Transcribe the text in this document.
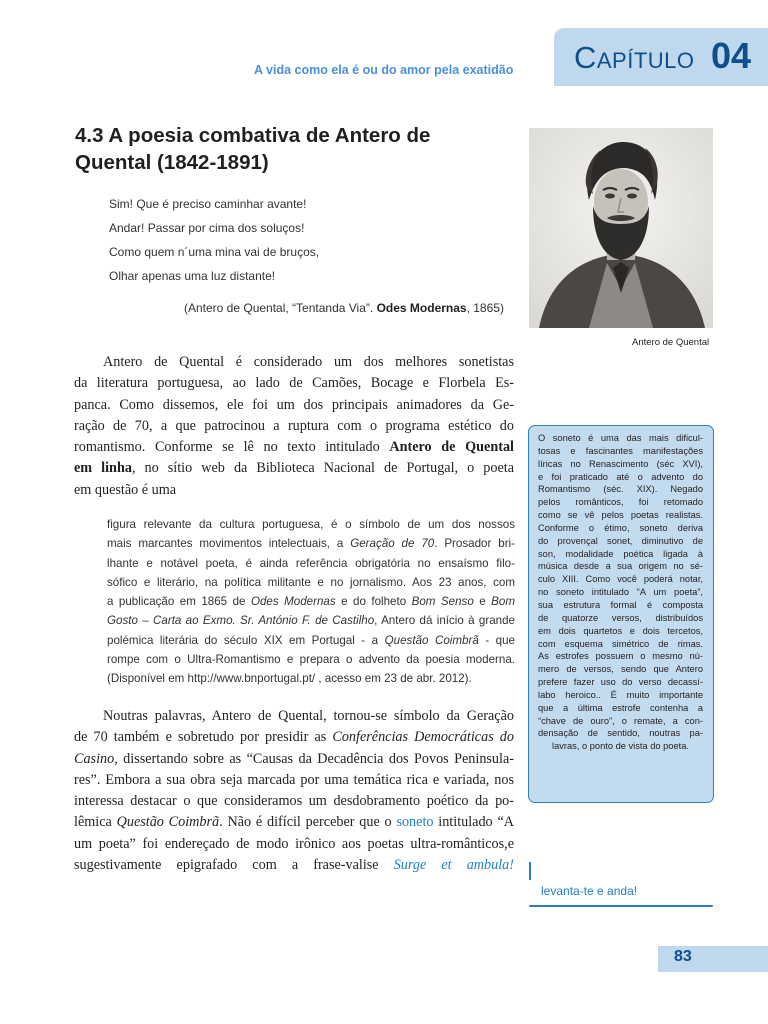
A vida como ela é ou do amor pela exatidão	Capítulo 04
4.3 A poesia combativa de Antero de
Quental (1842-1891)
Sim! Que é preciso caminhar avante!
Andar! Passar por cima dos soluços!
Como quem n´uma mina vai de bruços,
Olhar apenas uma luz distante!
(Antero de Quental, “Tentanda Via”. Odes Modernas, 1865)
Antero de Quental
Antero de Quental é considerado um dos melhores sonetistas
da literatura portuguesa, ao lado de Camões, Bocage e Florbela Es-
panca. Como dissemos, ele foi um dos principais animadores da Ge-
ração de 70, a que patrocinou a ruptura com o programa estético do
romantismo. Conforme se lê no texto intitulado Antero de Quental
em linha, no sítio web da Biblioteca Nacional de Portugal, o poeta
em questão é uma
figura relevante da cultura portuguesa, é o símbolo de um dos nossos
mais marcantes movimentos intelectuais, a Geração de 70. Prosador bri-
lhante e notável poeta, é ainda referência obrigatória no ensaísmo filo-
sófico e literário, na política militante e no jornalismo. Aos 23 anos, com
a publicação em 1865 de Odes Modernas e do folheto Bom Senso e Bom
Gosto – Carta ao Exmo. Sr. António F. de Castilho, Antero dá início à grande
polémica literária do século XIX em Portugal - a Questão Coimbrã - que
rompe com o Ultra-Romantismo e prepara o advento da poesia moderna.
(Disponível em http://www.bnportugal.pt/ , acesso em 23 de abr. 2012).
Noutras palavras, Antero de Quental, tornou-se símbolo da Geração
de 70 também e sobretudo por presidir as Conferências Democráticas do
Casino, dissertando sobre as “Causas da Decadência dos Povos Peninsula-
res”. Embora a sua obra seja marcada por uma temática rica e variada, nos
interessa destacar o que consideramos um desdobramento poético da po-
lêmica Questão Coimbrã. Não é difícil perceber que o soneto intitulado “A
um poeta” foi endereçado de modo irônico aos poetas ultra-românticos,e
sugestivamente epigrafado com a frase-valise Surge et ambula!
O soneto é uma das mais dificul-
tosas e fascinantes manifestações
líricas no Renascimento (séc XVI),
e foi praticado até o advento do
Romantismo (séc. XIX). Negado
pelos românticos, foi retomado
como se vê pelos poetas realistas.
Conforme o étimo, soneto deriva
do provençal sonet, diminutivo de
son, modalidade poética ligada à
música desde a sua origem no sé-
culo XIII. Como você poderá notar,
no soneto intitulado “A um poeta”,
sua estrutura formal é composta
de quatorze versos, distribuídos
em dois quartetos e dois tercetos,
com esquema simétrico de rimas.
As estrofes possuem o mesmo nú-
mero de versos, sendo que Antero
prefere fazer uso do verso decassí-
labo heroico.. É muito importante
que a última estrofe contenha a
“chave de ouro”, o remate, a con-
densação de sentido, noutras pa-
lavras, o ponto de vista do poeta.
levanta-te e anda!
83
